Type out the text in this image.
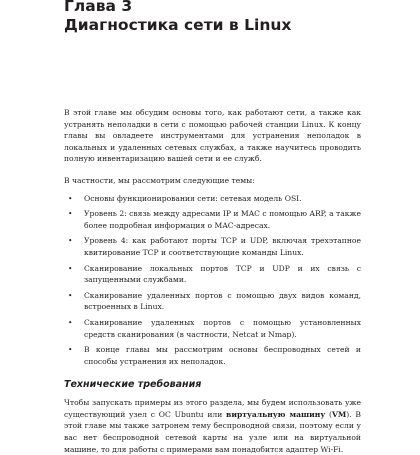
Глава 3
Диагностика сети в Linux

В этой главе мы обсудим основы того, как работают сети, а также как устранять неполадки в сети с помощью рабочей станции Linux. К концу главы вы овладеете инструментами для устранения неполадок в локальных и удаленных сетевых службах, а также научитесь проводить полную инвентаризацию вашей сети и ее служб.

В частности, мы рассмотрим следующие темы:

• Основы функционирования сети: сетевая модель OSI.
• Уровень 2: связь между адресами IP и MAC с помощью ARP, а также более подробная информация о MAC-адресах.
• Уровень 4: как работают порты TCP и UDP, включая трехэтапное квитирование TCP и соответствующие команды Linux.
• Сканирование локальных портов TCP и UDP и их связь с запущенными службами.
• Сканирование удаленных портов с помощью двух видов команд, встроенных в Linux.
• Сканирование удаленных портов с помощью установленных средств сканирования (в частности, Netcat и Nmap).
• В конце главы мы рассмотрим основы беспроводных сетей и способы устранения их неполадок.

Технические требования

Чтобы запускать примеры из этого раздела, мы будем использовать уже существующий узел с ОС Ubuntu или виртуальную машину (VM). В этой главе мы также затронем тему беспроводной связи, поэтому если у вас нет беспроводной сетевой карты на узле или на виртуальной машине, то для работы с примерами вам понадобится адаптер Wi-Fi.
